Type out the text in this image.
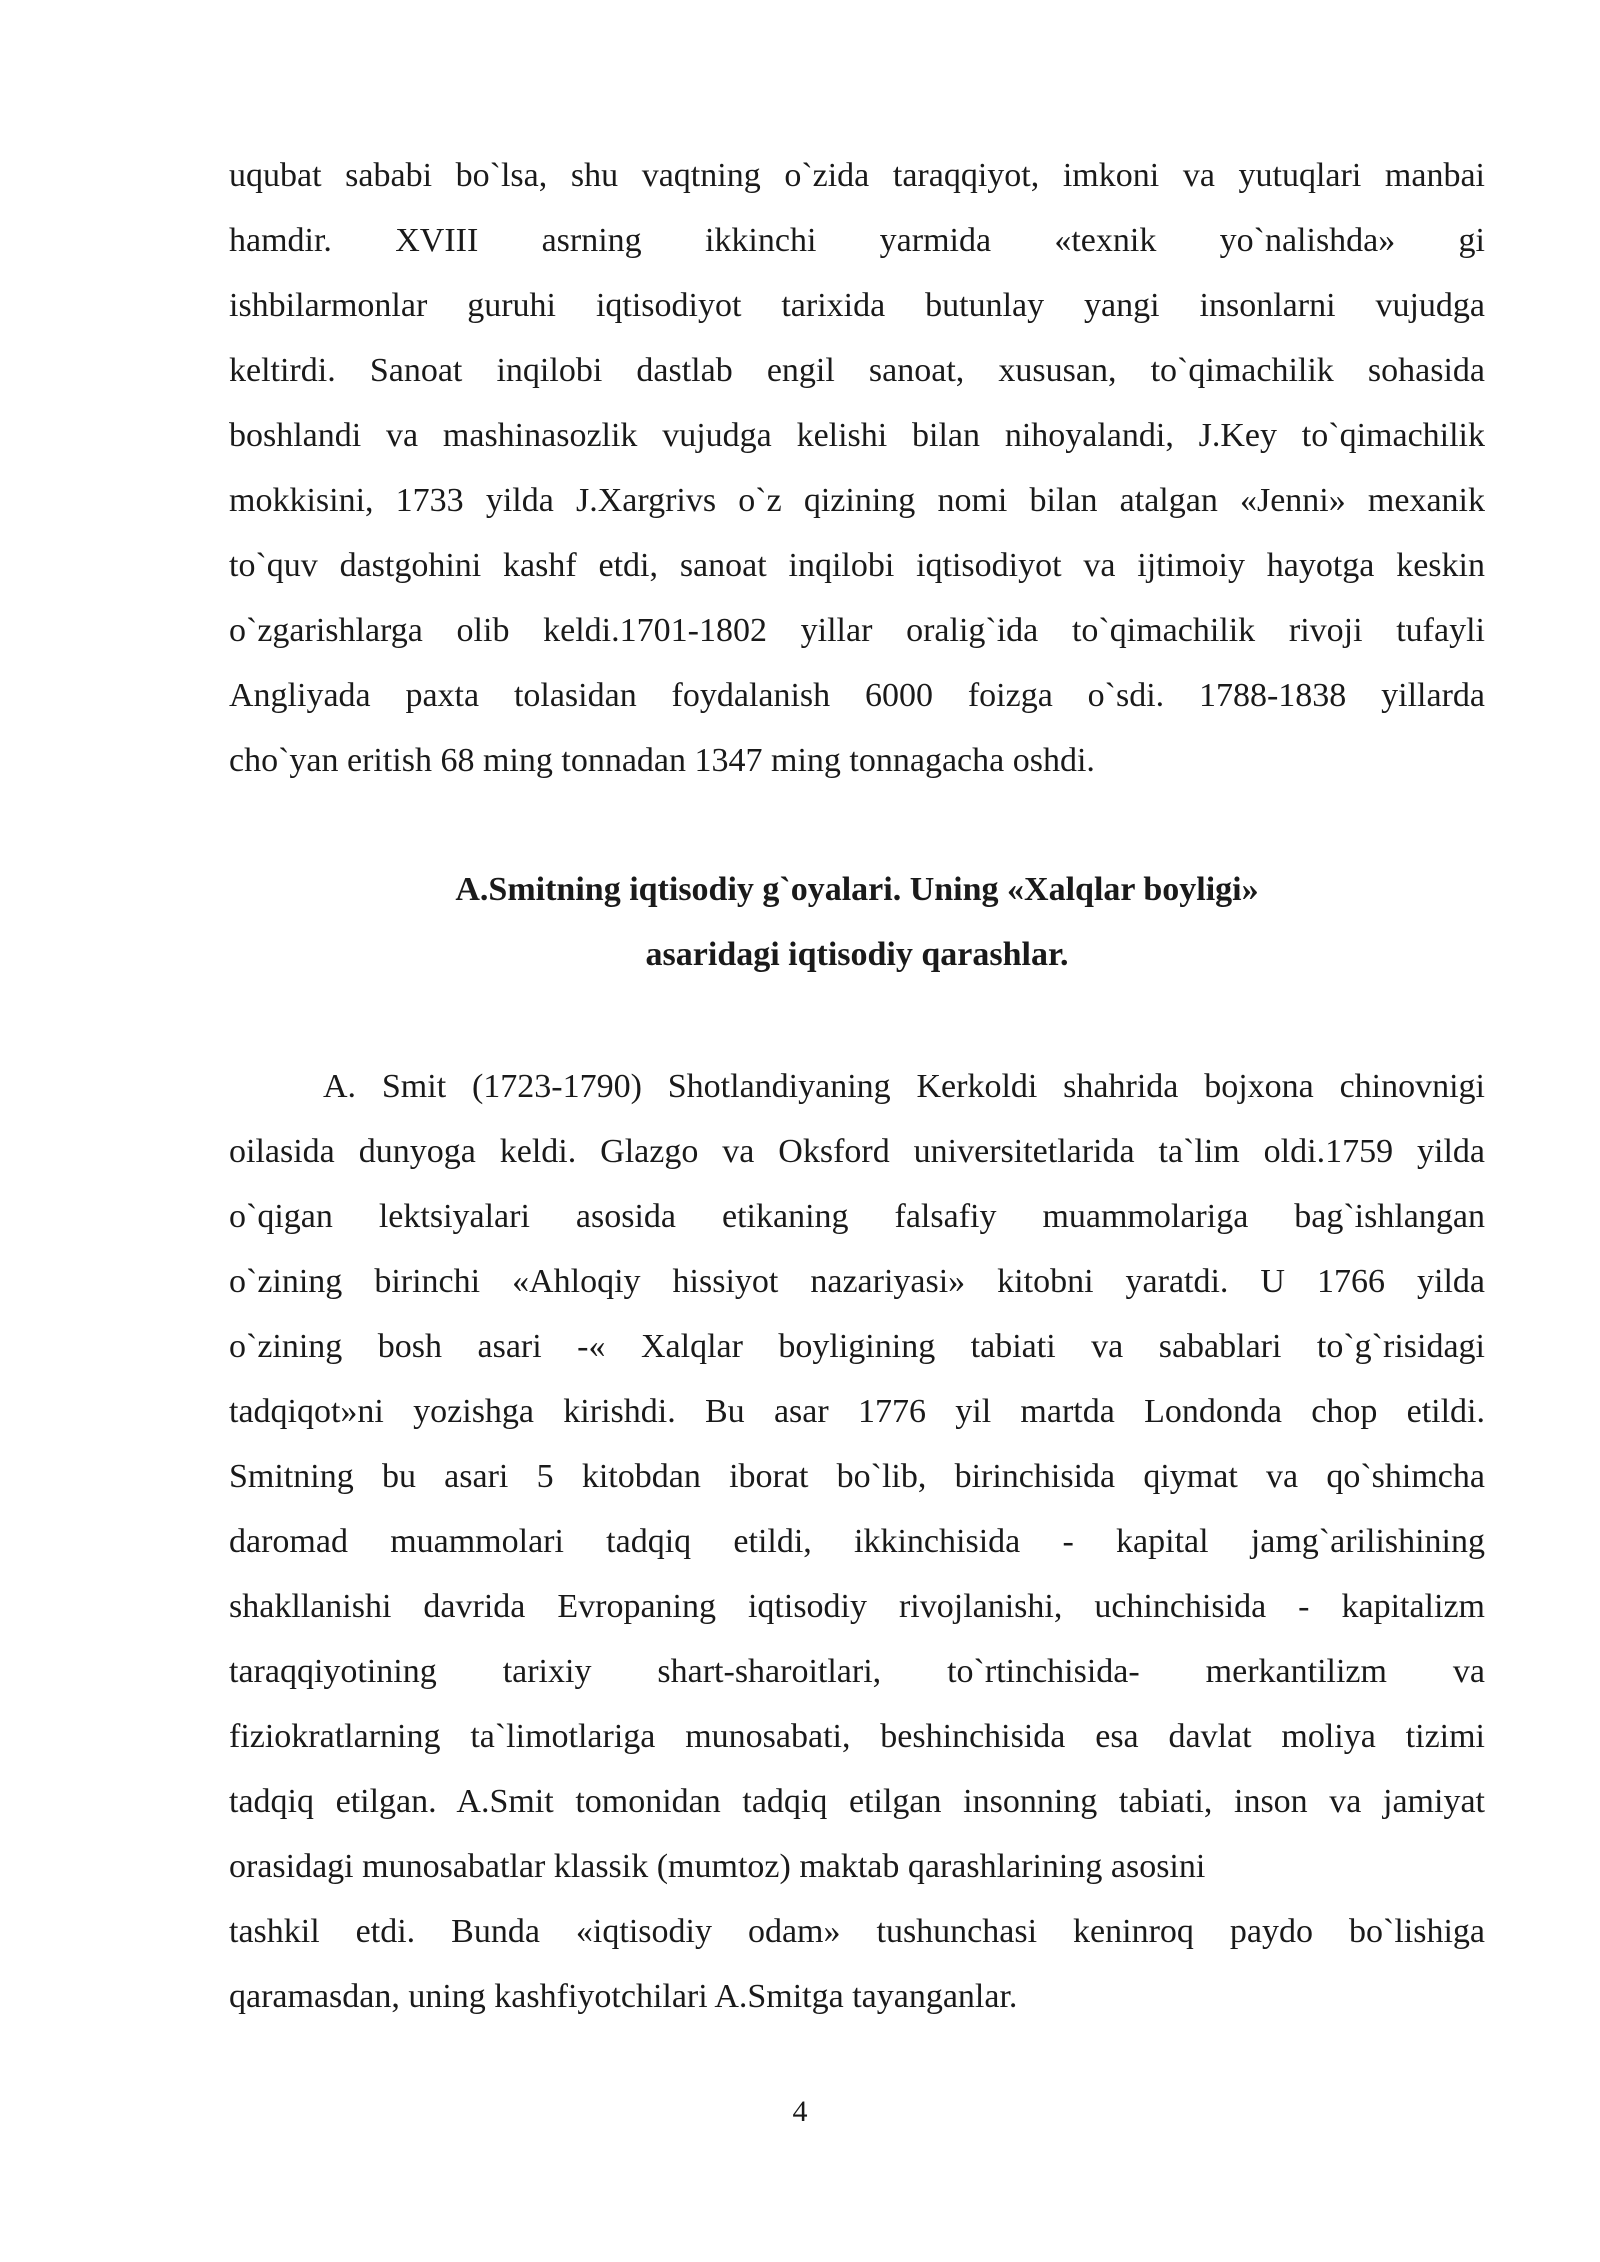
uqubat sababi bo`lsa, shu vaqtning o`zida taraqqiyot, imkoni va yutuqlari manbai
hamdir. XVIII asrning ikkinchi yarmida «texnik yo`nalishda» gi
ishbilarmonlar guruhi iqtisodiyot tarixida butunlay yangi insonlarni vujudga
keltirdi. Sanoat inqilobi dastlab engil sanoat, xususan, to`qimachilik sohasida
boshlandi va mashinasozlik vujudga kelishi bilan nihoyalandi, J.Key to`qimachilik
mokkisini, 1733 yilda J.Xargrivs o`z qizining nomi bilan atalgan «Jenni» mexanik
to`quv dastgohini kashf etdi, sanoat inqilobi iqtisodiyot va ijtimoiy hayotga keskin
o`zgarishlarga olib keldi.1701-1802 yillar oralig`ida to`qimachilik rivoji tufayli
Angliyada paxta tolasidan foydalanish 6000 foizga o`sdi. 1788-1838 yillarda
cho`yan eritish 68 ming tonnadan 1347 ming tonnagacha oshdi.
A.Smitning iqtisodiy g`oyalari. Uning «Xalqlar boyligi»
asaridagi iqtisodiy qarashlar.
A. Smit (1723-1790) Shotlandiyaning Kerkoldi shahrida bojxona chinovnigi
oilasida dunyoga keldi. Glazgo va Oksford universitetlarida ta`lim oldi.1759 yilda
o`qigan lektsiyalari asosida etikaning falsafiy muammolariga bag`ishlangan
o`zining birinchi «Ahloqiy hissiyot nazariyasi» kitobni yaratdi. U 1766 yilda
o`zining bosh asari -« Xalqlar boyligining tabiati va sabablari to`g`risidagi
tadqiqot»ni yozishga kirishdi. Bu asar 1776 yil martda Londonda chop etildi.
Smitning bu asari 5 kitobdan iborat bo`lib, birinchisida qiymat va qo`shimcha
daromad muammolari tadqiq etildi, ikkinchisida - kapital jamg`arilishining
shakllanishi davrida Evropaning iqtisodiy rivojlanishi, uchinchisida - kapitalizm
taraqqiyotining tarixiy shart-sharoitlari, to`rtinchisida- merkantilizm va
fiziokratlarning ta`limotlariga munosabati, beshinchisida esa davlat moliya tizimi
tadqiq etilgan. A.Smit tomonidan tadqiq etilgan insonning tabiati, inson va jamiyat
orasidagi munosabatlar klassik (mumtoz) maktab qarashlarining asosini
tashkil etdi. Bunda «iqtisodiy odam» tushunchasi keninroq paydo bo`lishiga
qaramasdan, uning kashfiyotchilari A.Smitga tayanganlar.
4
